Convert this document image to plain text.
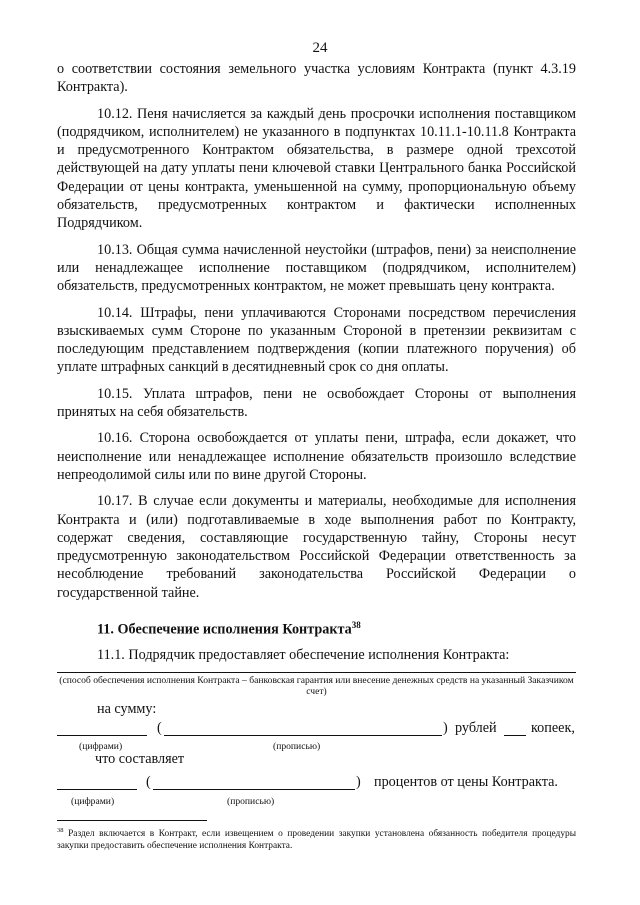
24

о соответствии состояния земельного участка условиям Контракта (пункт 4.3.19 Контракта).

10.12. Пеня начисляется за каждый день просрочки исполнения поставщиком (подрядчиком, исполнителем) не указанного в подпунктах 10.11.1-10.11.8 Контракта и предусмотренного Контрактом обязательства, в размере одной трехсотой действующей на дату уплаты пени ключевой ставки Центрального банка Российской Федерации от цены контракта, уменьшенной на сумму, пропорциональную объему обязательств, предусмотренных контрактом и фактически исполненных Подрядчиком.

10.13. Общая сумма начисленной неустойки (штрафов, пени) за неисполнение или ненадлежащее исполнение поставщиком (подрядчиком, исполнителем) обязательств, предусмотренных контрактом, не может превышать цену контракта.

10.14. Штрафы, пени уплачиваются Сторонами посредством перечисления взыскиваемых сумм Стороне по указанным Стороной в претензии реквизитам с последующим представлением подтверждения (копии платежного поручения) об уплате штрафных санкций в десятидневный срок со дня оплаты.

10.15. Уплата штрафов, пени не освобождает Стороны от выполнения принятых на себя обязательств.

10.16. Сторона освобождается от уплаты пени, штрафа, если докажет, что неисполнение или ненадлежащее исполнение обязательств произошло вследствие непреодолимой силы или по вине другой Стороны.

10.17. В случае если документы и материалы, необходимые для исполнения Контракта и (или) подготавливаемые в ходе выполнения работ по Контракту, содержат сведения, составляющие государственную тайну, Стороны несут предусмотренную законодательством Российской Федерации ответственность за несоблюдение требований законодательства Российской Федерации о государственной тайне.

11. Обеспечение исполнения Контракта$^{38}$

11.1. Подрядчик предоставляет обеспечение исполнения Контракта:

(способ обеспечения исполнения Контракта – банковская гарантия или внесение денежных средств на указанный Заказчиком счет)
на сумму:
(	) рублей копеек,
(цифрами)	(прописью)
что составляет
(	) процентов от цены Контракта.
(цифрами)	(прописью)
$^{38}$ Раздел включается в Контракт, если извещением о проведении закупки установлена обязанность победителя процедуры закупки предоставить обеспечение исполнения Контракта.
